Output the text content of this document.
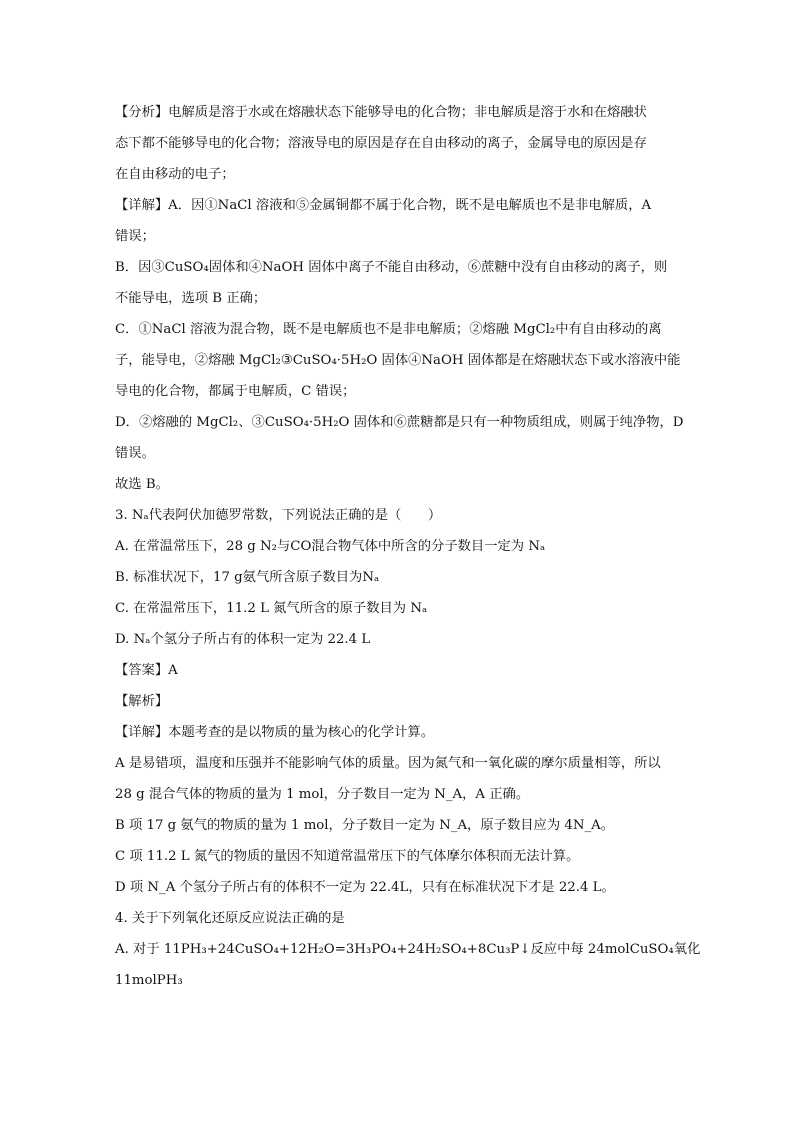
【分析】电解质是溶于水或在熔融状态下能够导电的化合物；非电解质是溶于水和在熔融状
态下都不能够导电的化合物；溶液导电的原因是存在自由移动的离子，金属导电的原因是存
在自由移动的电子；
【详解】A．因①NaCl 溶液和⑤金属铜都不属于化合物，既不是电解质也不是非电解质，A
错误；
B．因③CuSO₄固体和④NaOH 固体中离子不能自由移动，⑥蔗糖中没有自由移动的离子，则
不能导电，选项 B 正确；
C．①NaCl 溶液为混合物，既不是电解质也不是非电解质；②熔融 MgCl₂中有自由移动的离
子，能导电，②熔融 MgCl₂③CuSO₄·5H₂O 固体④NaOH 固体都是在熔融状态下或水溶液中能
导电的化合物，都属于电解质，C 错误；
D．②熔融的 MgCl₂、③CuSO₄·5H₂O 固体和⑥蔗糖都是只有一种物质组成，则属于纯净物，D
错误。
故选 B。
3. Nₐ代表阿伏加德罗常数，下列说法正确的是（　　）
A. 在常温常压下，28 g N₂与CO混合物气体中所含的分子数目一定为 Nₐ
B. 标准状况下，17 g氨气所含原子数目为Nₐ
C. 在常温常压下，11.2 L 氮气所含的原子数目为 Nₐ
D. Nₐ个氢分子所占有的体积一定为 22.4 L
【答案】A
【解析】
【详解】本题考查的是以物质的量为核心的化学计算。
A 是易错项，温度和压强并不能影响气体的质量。因为氮气和一氧化碳的摩尔质量相等，所以
28 g 混合气体的物质的量为 1 mol，分子数目一定为 N_A，A 正确。
B 项 17 g 氨气的物质的量为 1 mol，分子数目一定为 N_A，原子数目应为 4N_A。
C 项 11.2 L 氮气的物质的量因不知道常温常压下的气体摩尔体积而无法计算。
D 项 N_A 个氢分子所占有的体积不一定为 22.4L，只有在标准状况下才是 22.4 L。
4. 关于下列氧化还原反应说法正确的是
A. 对于 11PH₃+24CuSO₄+12H₂O=3H₃PO₄+24H₂SO₄+8Cu₃P↓反应中每 24molCuSO₄氧化
11molPH₃
